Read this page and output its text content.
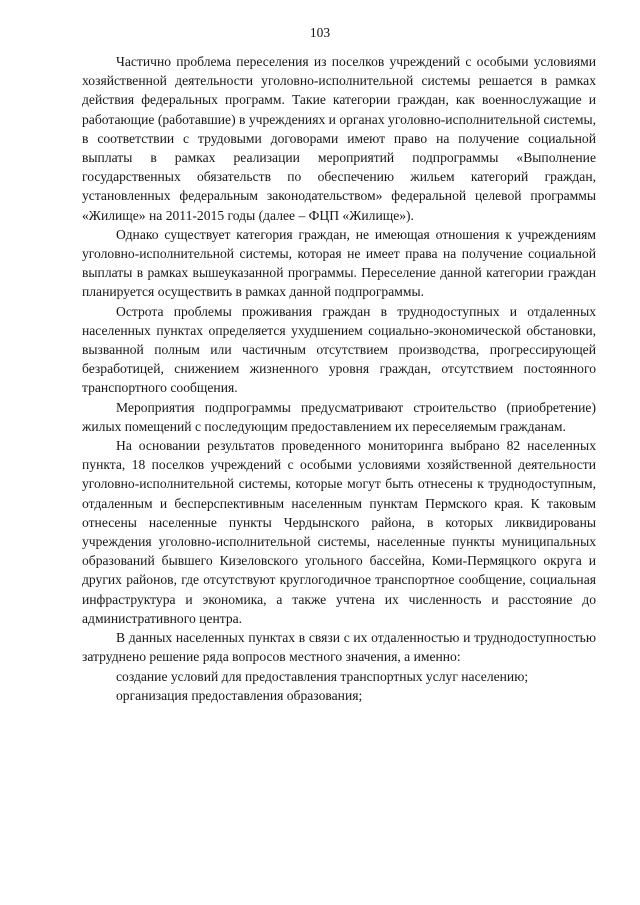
103

Частично проблема переселения из поселков учреждений с особыми условиями хозяйственной деятельности уголовно-исполнительной системы решается в рамках действия федеральных программ. Такие категории граждан, как военнослужащие и работающие (работавшие) в учреждениях и органах уголовно-исполнительной системы, в соответствии с трудовыми договорами имеют право на получение социальной выплаты в рамках реализации мероприятий подпрограммы «Выполнение государственных обязательств по обеспечению жильем категорий граждан, установленных федеральным законодательством» федеральной целевой программы «Жилище» на 2011-2015 годы (далее – ФЦП «Жилище»).

Однако существует категория граждан, не имеющая отношения к учреждениям уголовно-исполнительной системы, которая не имеет права на получение социальной выплаты в рамках вышеуказанной программы. Переселение данной категории граждан планируется осуществить в рамках данной подпрограммы.

Острота проблемы проживания граждан в труднодоступных и отдаленных населенных пунктах определяется ухудшением социально-экономической обстановки, вызванной полным или частичным отсутствием производства, прогрессирующей безработицей, снижением жизненного уровня граждан, отсутствием постоянного транспортного сообщения.

Мероприятия подпрограммы предусматривают строительство (приобретение) жилых помещений с последующим предоставлением их переселяемым гражданам.

На основании результатов проведенного мониторинга выбрано 82 населенных пункта, 18 поселков учреждений с особыми условиями хозяйственной деятельности уголовно-исполнительной системы, которые могут быть отнесены к труднодоступным, отдаленным и бесперспективным населенным пунктам Пермского края. К таковым отнесены населенные пункты Чердынского района, в которых ликвидированы учреждения уголовно-исполнительной системы, населенные пункты муниципальных образований бывшего Кизеловского угольного бассейна, Коми-Пермяцкого округа и других районов, где отсутствуют круглогодичное транспортное сообщение, социальная инфраструктура и экономика, а также учтена их численность и расстояние до административного центра.

В данных населенных пунктах в связи с их отдаленностью и труднодоступностью затруднено решение ряда вопросов местного значения, а именно:

создание условий для предоставления транспортных услуг населению;

организация предоставления образования;
